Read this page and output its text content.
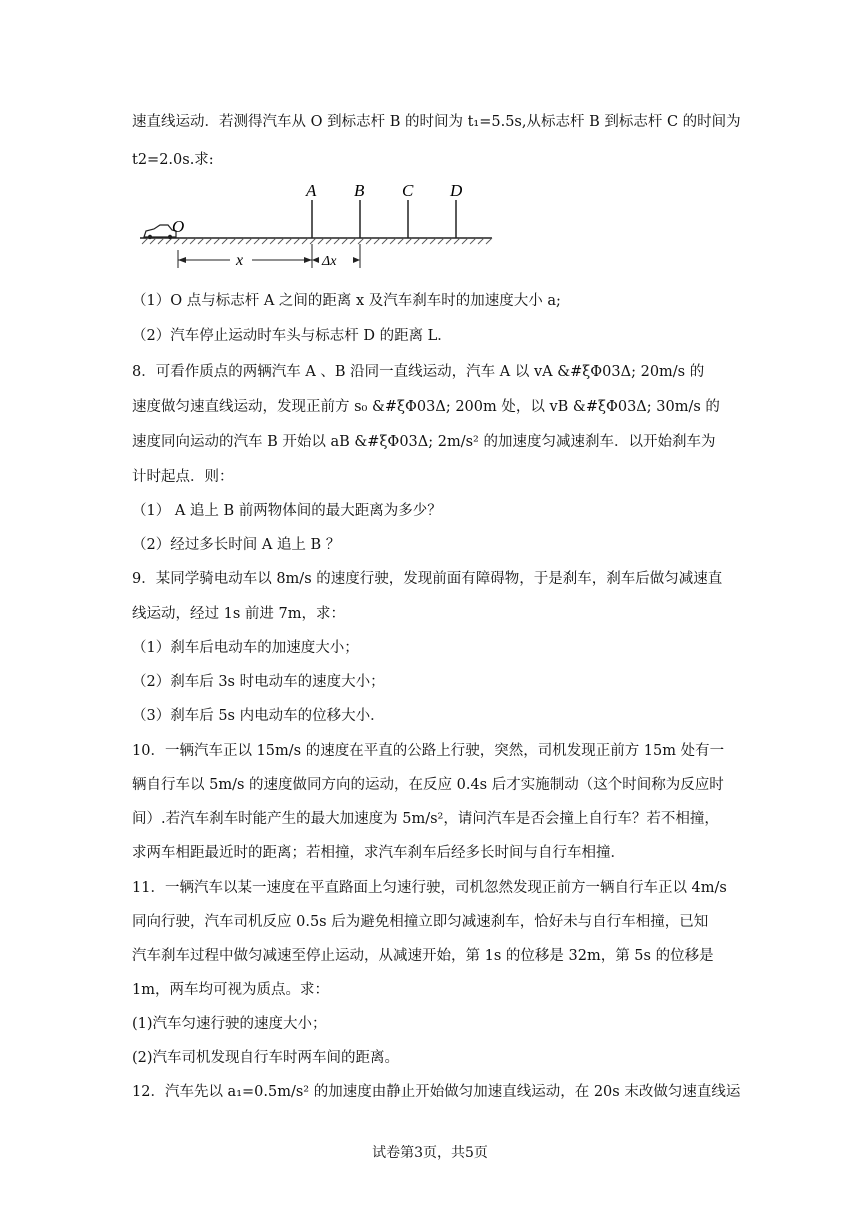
速直线运动．若测得汽车从 O 到标志杆 B 的时间为 t₁=5.5s,从标志杆 B 到标志杆 C 的时间为
t2=2.0s.求:
O
A B C D
x	Δx
（1）O 点与标志杆 A 之间的距离 x 及汽车刹车时的加速度大小 a;
（2）汽车停止运动时车头与标志杆 D 的距离 L．
8．可看作质点的两辆汽车 A 、B 沿同一直线运动，汽车 A 以 vA &#ξΦ03Δ; 20m/s 的
速度做匀速直线运动，发现正前方 s₀ &#ξΦ03Δ; 200m 处，以 vB &#ξΦ03Δ; 30m/s 的
速度同向运动的汽车 B 开始以 aB &#ξΦ03Δ; 2m/s² 的加速度匀减速刹车．以开始刹车为
计时起点．则：
（1） A 追上 B 前两物体间的最大距离为多少？
（2）经过多长时间 A 追上 B ？
9．某同学骑电动车以 8m/s 的速度行驶，发现前面有障碍物，于是刹车，刹车后做匀减速直
线运动，经过 1s 前进 7m，求：
（1）刹车后电动车的加速度大小；
（2）刹车后 3s 时电动车的速度大小；
（3）刹车后 5s 内电动车的位移大小．
10．一辆汽车正以 15m/s 的速度在平直的公路上行驶，突然，司机发现正前方 15m 处有一
辆自行车以 5m/s 的速度做同方向的运动，在反应 0.4s 后才实施制动（这个时间称为反应时
间）.若汽车刹车时能产生的最大加速度为 5m/s²，请问汽车是否会撞上自行车？若不相撞，
求两车相距最近时的距离；若相撞，求汽车刹车后经多长时间与自行车相撞．
11．一辆汽车以某一速度在平直路面上匀速行驶，司机忽然发现正前方一辆自行车正以 4m/s
同向行驶，汽车司机反应 0.5s 后为避免相撞立即匀减速刹车，恰好未与自行车相撞，已知
汽车刹车过程中做匀减速至停止运动，从减速开始，第 1s 的位移是 32m，第 5s 的位移是
1m，两车均可视为质点。求：
(1)汽车匀速行驶的速度大小；
(2)汽车司机发现自行车时两车间的距离。
12．汽车先以 a₁=0.5m/s² 的加速度由静止开始做匀加速直线运动，在 20s 末改做匀速直线运
试卷第3页，共5页
